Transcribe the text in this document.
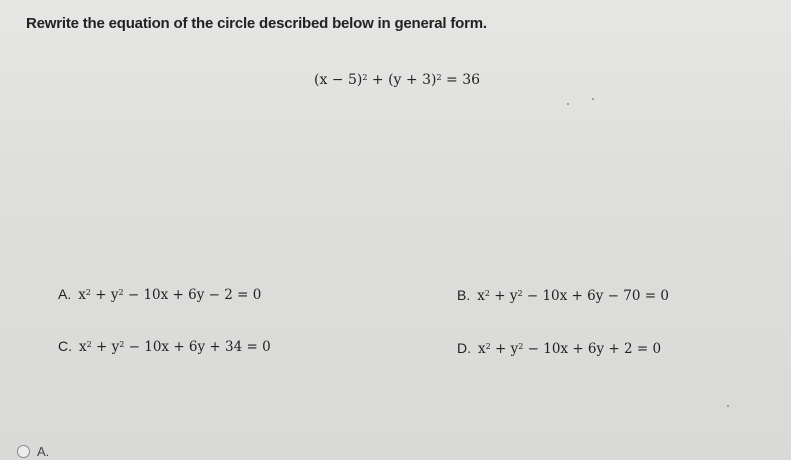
Rewrite the equation of the circle described below in general form.
$(x - 5)^2 + (y + 3)^2 = 36$
A. $x^2 + y^2 - 10x + 6y - 2 = 0$	B. $x^2 + y^2 - 10x + 6y - 70 = 0$
C. $x^2 + y^2 - 10x + 6y + 34 = 0$	D. $x^2 + y^2 - 10x + 6y + 2 = 0$
A.
